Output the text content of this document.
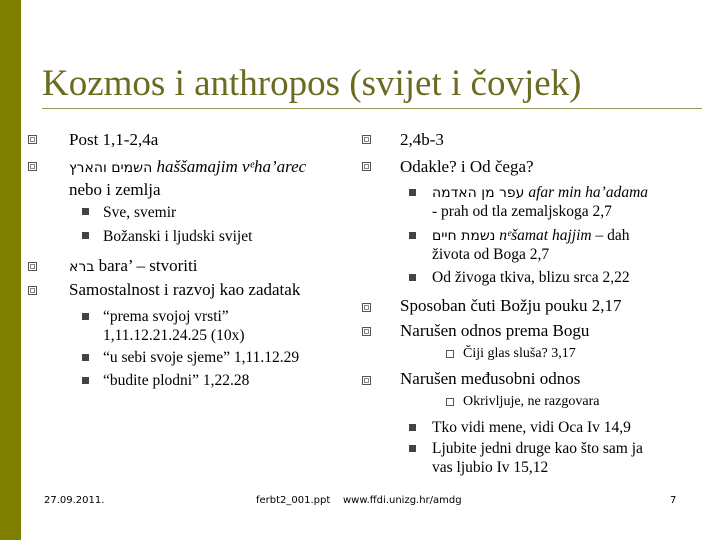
Kozmos i anthropos (svijet i čovjek)
Post 1,1-2,4a
השמים והארץ haššamajim vᵉha’arec
nebo i zemlja
Sve, svemir
Božanski i ljudski svijet
ברא bara’ – stvoriti
Samostalnost i razvoj kao zadatak
“prema svojoj vrsti”
1,11.12.21.24.25 (10x)
“u sebi svoje sjeme” 1,11.12.29
“budite plodni” 1,22.28
2,4b-3
Odakle? i Od čega?
עפר מן האדמה afar min ha’adama
- prah od tla zemaljskoga 2,7
נשמת חיים nᵉšamat hajjim – dah
života od Boga 2,7
Od živoga tkiva, blizu srca 2,22
Sposoban čuti Božju pouku 2,17
Narušen odnos prema Bogu
Čiji glas sluša? 3,17
Narušen međusobni odnos
Okrivljuje, ne razgovara
Tko vidi mene, vidi Oca Iv 14,9
Ljubite jedni druge kao što sam ja
vas ljubio Iv 15,12
27.09.2011.	ferbt2_001.ppt www.ffdi.unizg.hr/amdg	7
